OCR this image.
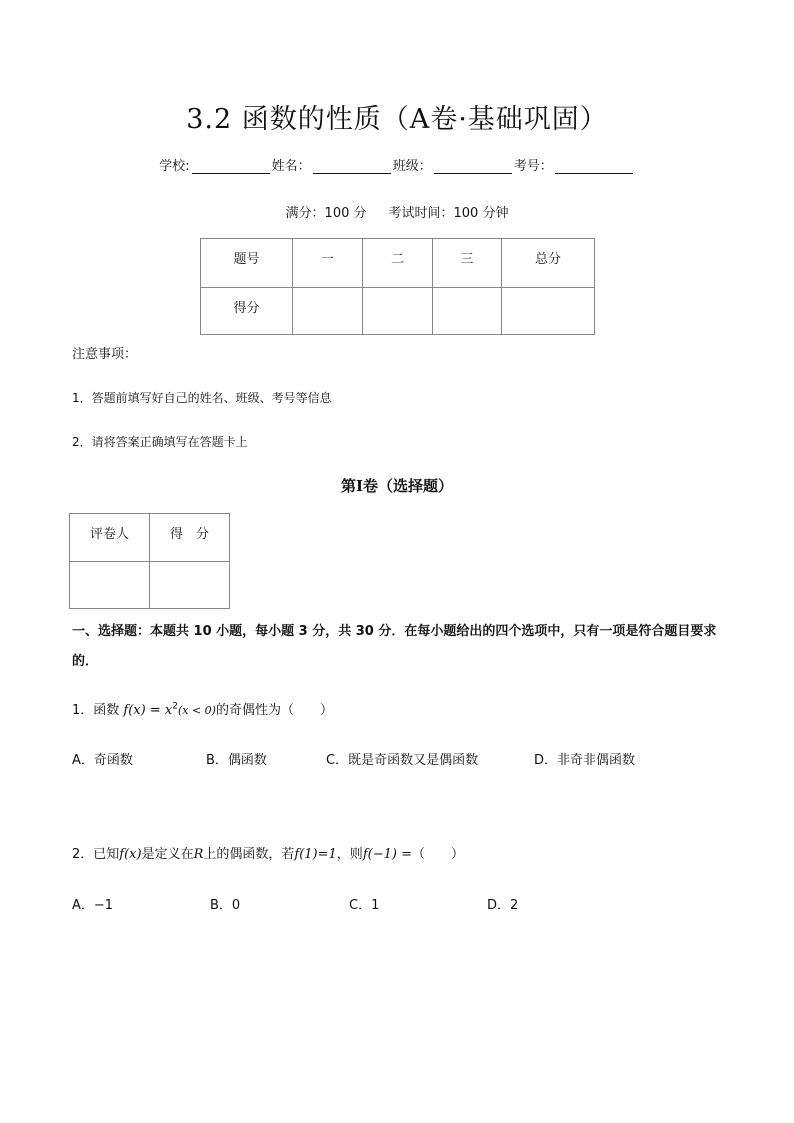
3.2 函数的性质（A卷·基础巩固）
学校:	姓名：	班级：	考号：
满分：100 分 考试时间：100 分钟
题号	一	二	三	总分
得分				
注意事项：
1．答题前填写好自己的姓名、班级、考号等信息
2．请将答案正确填写在答题卡上
第Ⅰ卷（选择题）
评卷人	得　分

一、选择题：本题共 10 小题，每小题 3 分，共 30 分．在每小题给出的四个选项中，只有一项是符合题目要求的．
1．函数 $f(x) = x^2(x < 0)$的奇偶性为（　　）
A．奇函数	B．偶函数	C．既是奇函数又是偶函数	D．非奇非偶函数
2．已知f(x)是定义在R上的偶函数，若f(1)=1，则f(−1) =（　　）
A．−1	B．0	C．1	D．2
